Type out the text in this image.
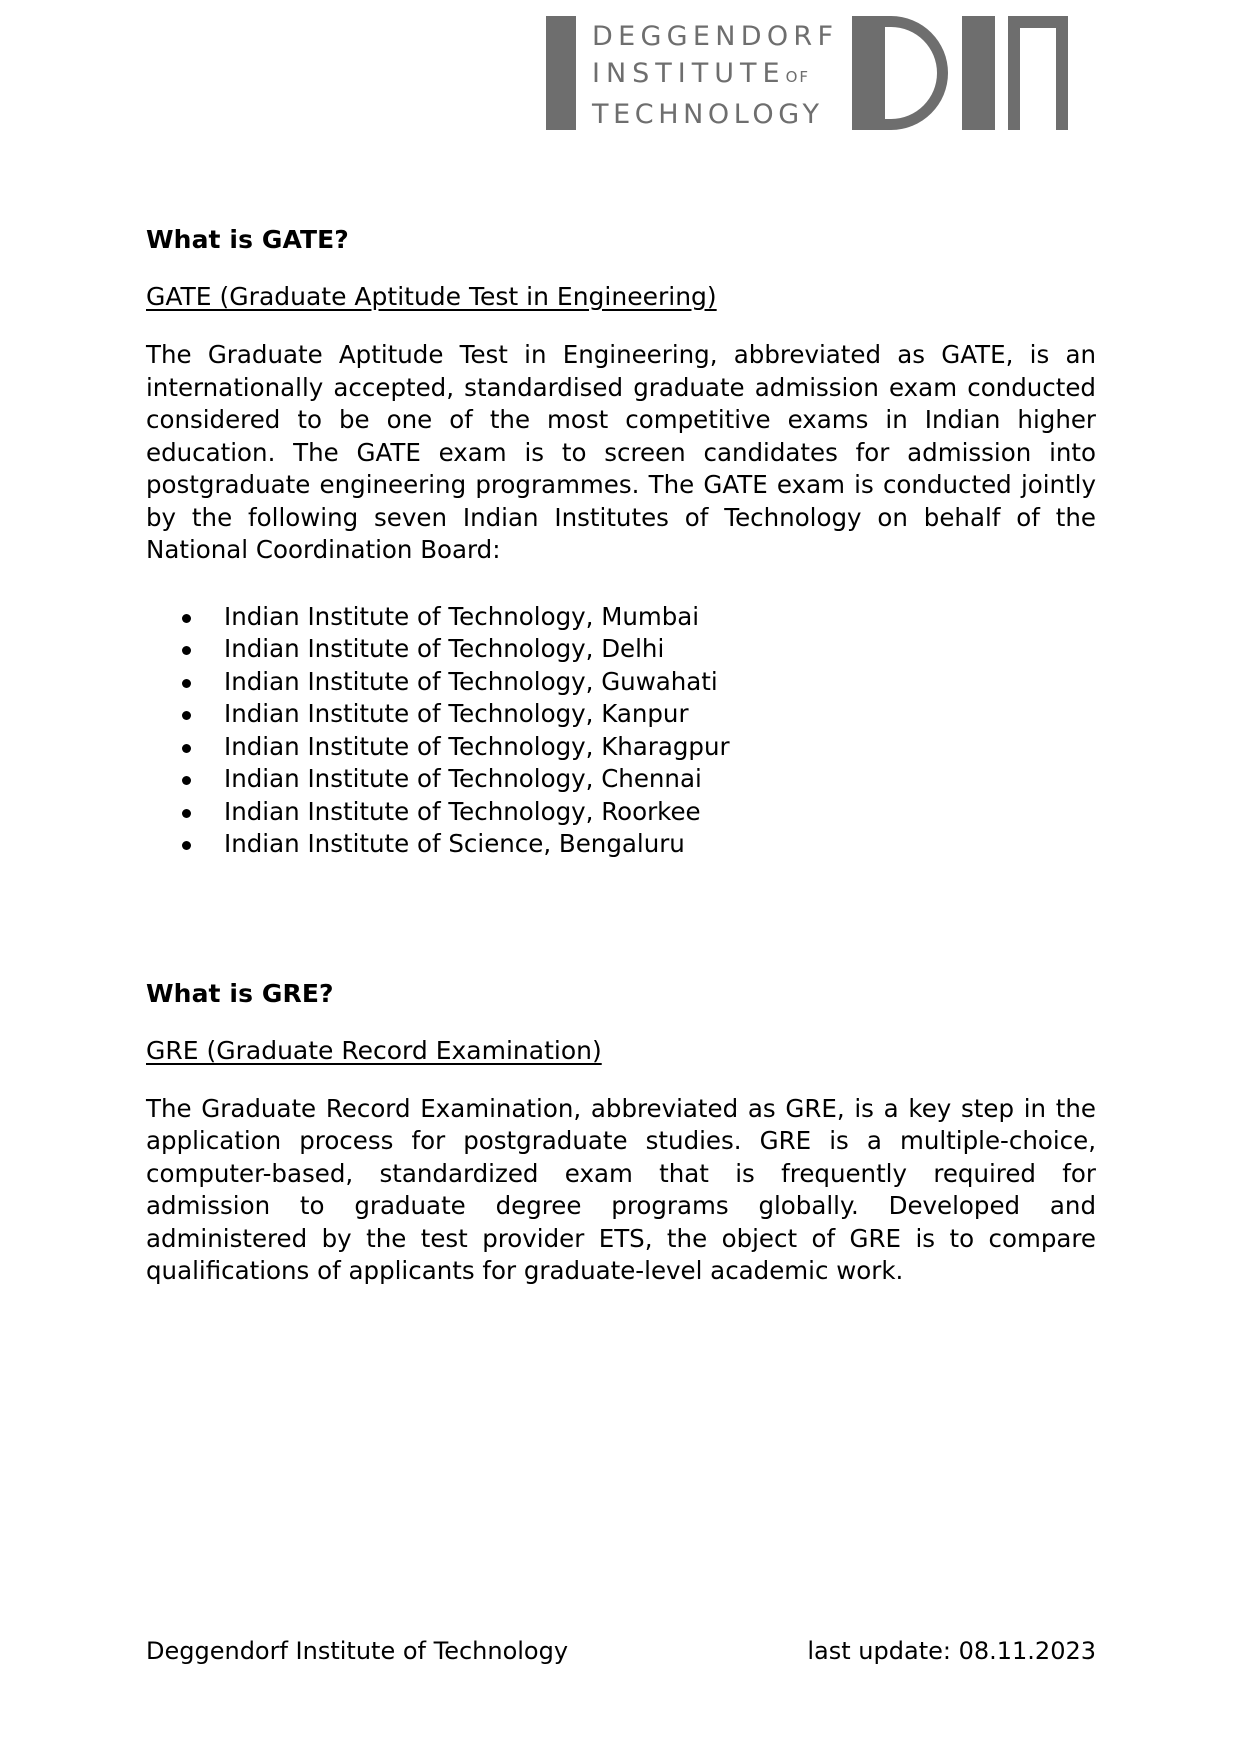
DEGGENDORF
INSTITUTEOF
TECHNOLOGY
What is GATE?
GATE (Graduate Aptitude Test in Engineering)

The Graduate Aptitude Test in Engineering, abbreviated as GATE, is an internationally accepted, standardised graduate admission exam conducted considered to be one of the most competitive exams in Indian higher education. The GATE exam is to screen candidates for admission into postgraduate engineering programmes. The GATE exam is conducted jointly by the following seven Indian Institutes of Technology on behalf of the National Coordination Board:

Indian Institute of Technology, Mumbai
Indian Institute of Technology, Delhi
Indian Institute of Technology, Guwahati
Indian Institute of Technology, Kanpur
Indian Institute of Technology, Kharagpur
Indian Institute of Technology, Chennai
Indian Institute of Technology, Roorkee
Indian Institute of Science, Bengaluru
What is GRE?
GRE (Graduate Record Examination)

The Graduate Record Examination, abbreviated as GRE, is a key step in the application process for postgraduate studies. GRE is a multiple-choice, computer-based, standardized exam that is frequently required for admission to graduate degree programs globally. Developed and administered by the test provider ETS, the object of GRE is to compare qualifications of applicants for graduate-level academic work.

Deggendorf Institute of Technology	last update: 08.11.2023
